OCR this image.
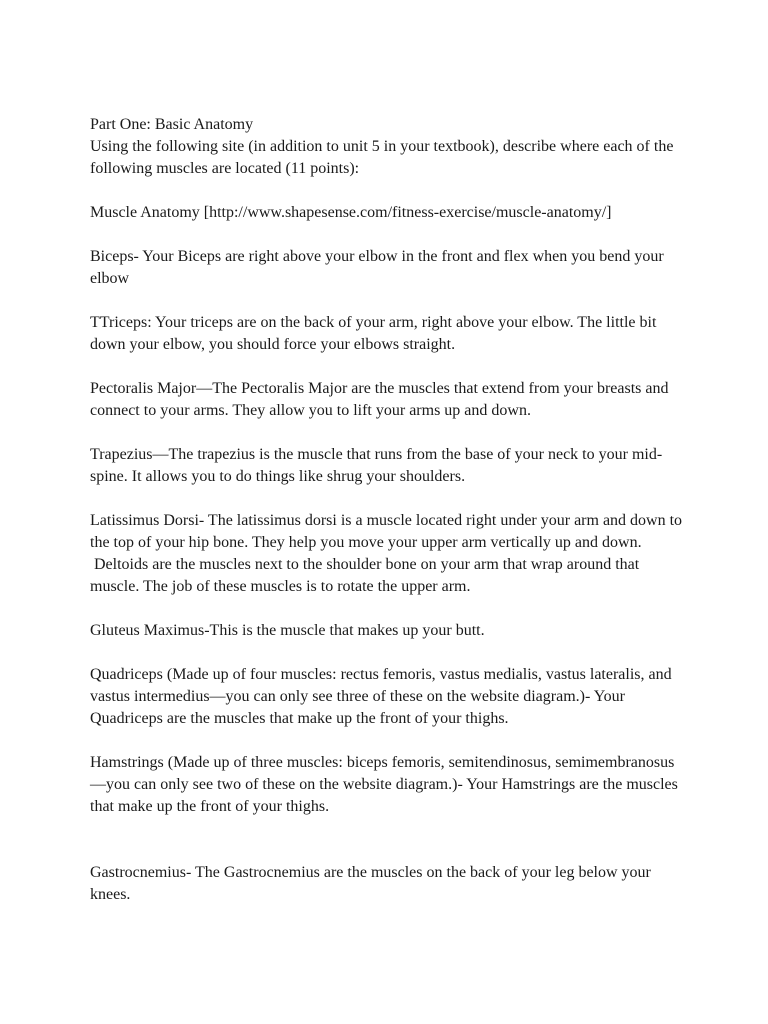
Part One: Basic Anatomy

Using the following site (in addition to unit 5 in your textbook), describe where each of the following muscles are located (11 points):

Muscle Anatomy [http://www.shapesense.com/fitness-exercise/muscle-anatomy/]

Biceps- Your Biceps are right above your elbow in the front and flex when you bend your elbow

TTriceps: Your triceps are on the back of your arm, right above your elbow. The little bit down your elbow, you should force your elbows straight.

Pectoralis Major—The Pectoralis Major are the muscles that extend from your breasts and connect to your arms. They allow you to lift your arms up and down.

Trapezius—The trapezius is the muscle that runs from the base of your neck to your mid-spine. It allows you to do things like shrug your shoulders.

Latissimus Dorsi- The latissimus dorsi is a muscle located right under your arm and down to the top of your hip bone. They help you move your upper arm vertically up and down.

Deltoids are the muscles next to the shoulder bone on your arm that wrap around that muscle. The job of these muscles is to rotate the upper arm.

Gluteus Maximus-This is the muscle that makes up your butt.

Quadriceps (Made up of four muscles: rectus femoris, vastus medialis, vastus lateralis, and vastus intermedius—you can only see three of these on the website diagram.)- Your Quadriceps are the muscles that make up the front of your thighs.

Hamstrings (Made up of three muscles: biceps femoris, semitendinosus, semimembranosus—you can only see two of these on the website diagram.)- Your Hamstrings are the muscles that make up the front of your thighs.

Gastrocnemius- The Gastrocnemius are the muscles on the back of your leg below your knees.
